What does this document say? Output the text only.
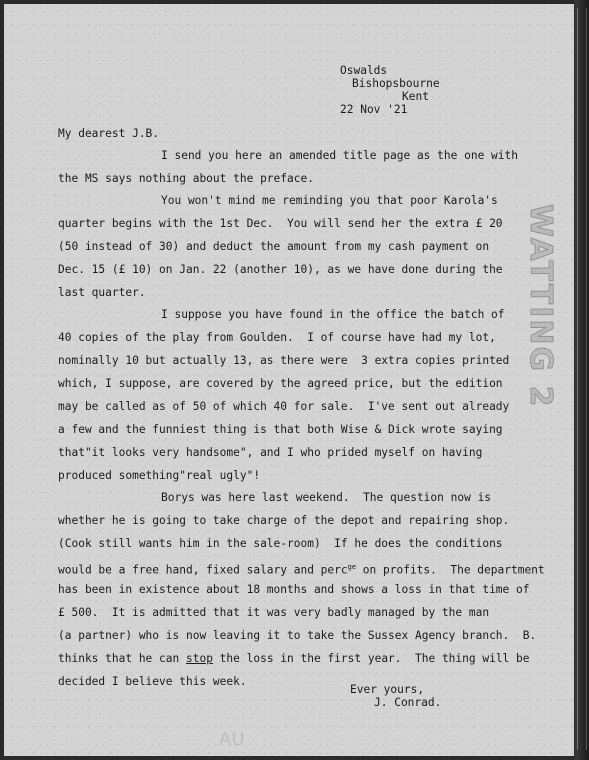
Oswalds
Bishopsbourne
Kent
22 Nov '21
My dearest J.B.
I send you here an amended title page as the one with
the MS says nothing about the preface.
You won't mind me reminding you that poor Karola's
quarter begins with the 1st Dec.  You will send her the extra £ 20
(50 instead of 30) and deduct the amount from my cash payment on
Dec. 15 (£ 10) on Jan. 22 (another 10), as we have done during the
last quarter.
I suppose you have found in the office the batch of
40 copies of the play from Goulden.  I of course have had my lot,
nominally 10 but actually 13, as there were  3 extra copies printed
which, I suppose, are covered by the agreed price, but the edition
may be called as of 50 of which 40 for sale.  I've sent out already
a few and the funniest thing is that both Wise & Dick wrote saying
that"it looks very handsome", and I who prided myself on having
produced something"real ugly"!
Borys was here last weekend.  The question now is
whether he is going to take charge of the depot and repairing shop.
(Cook still wants him in the sale-room)  If he does the conditions
would be a free hand, fixed salary and perc$^{ge}$ on profits.  The department
has been in existence about 18 months and shows a loss in that time of
£ 500.  It is admitted that it was very badly managed by the man
(a partner) who is now leaving it to take the Sussex Agency branch.  B.
thinks that he can stop the loss in the first year.  The thing will be
decided I believe this week.
Ever yours,
J. Conrad.
WATTING 2
AU
